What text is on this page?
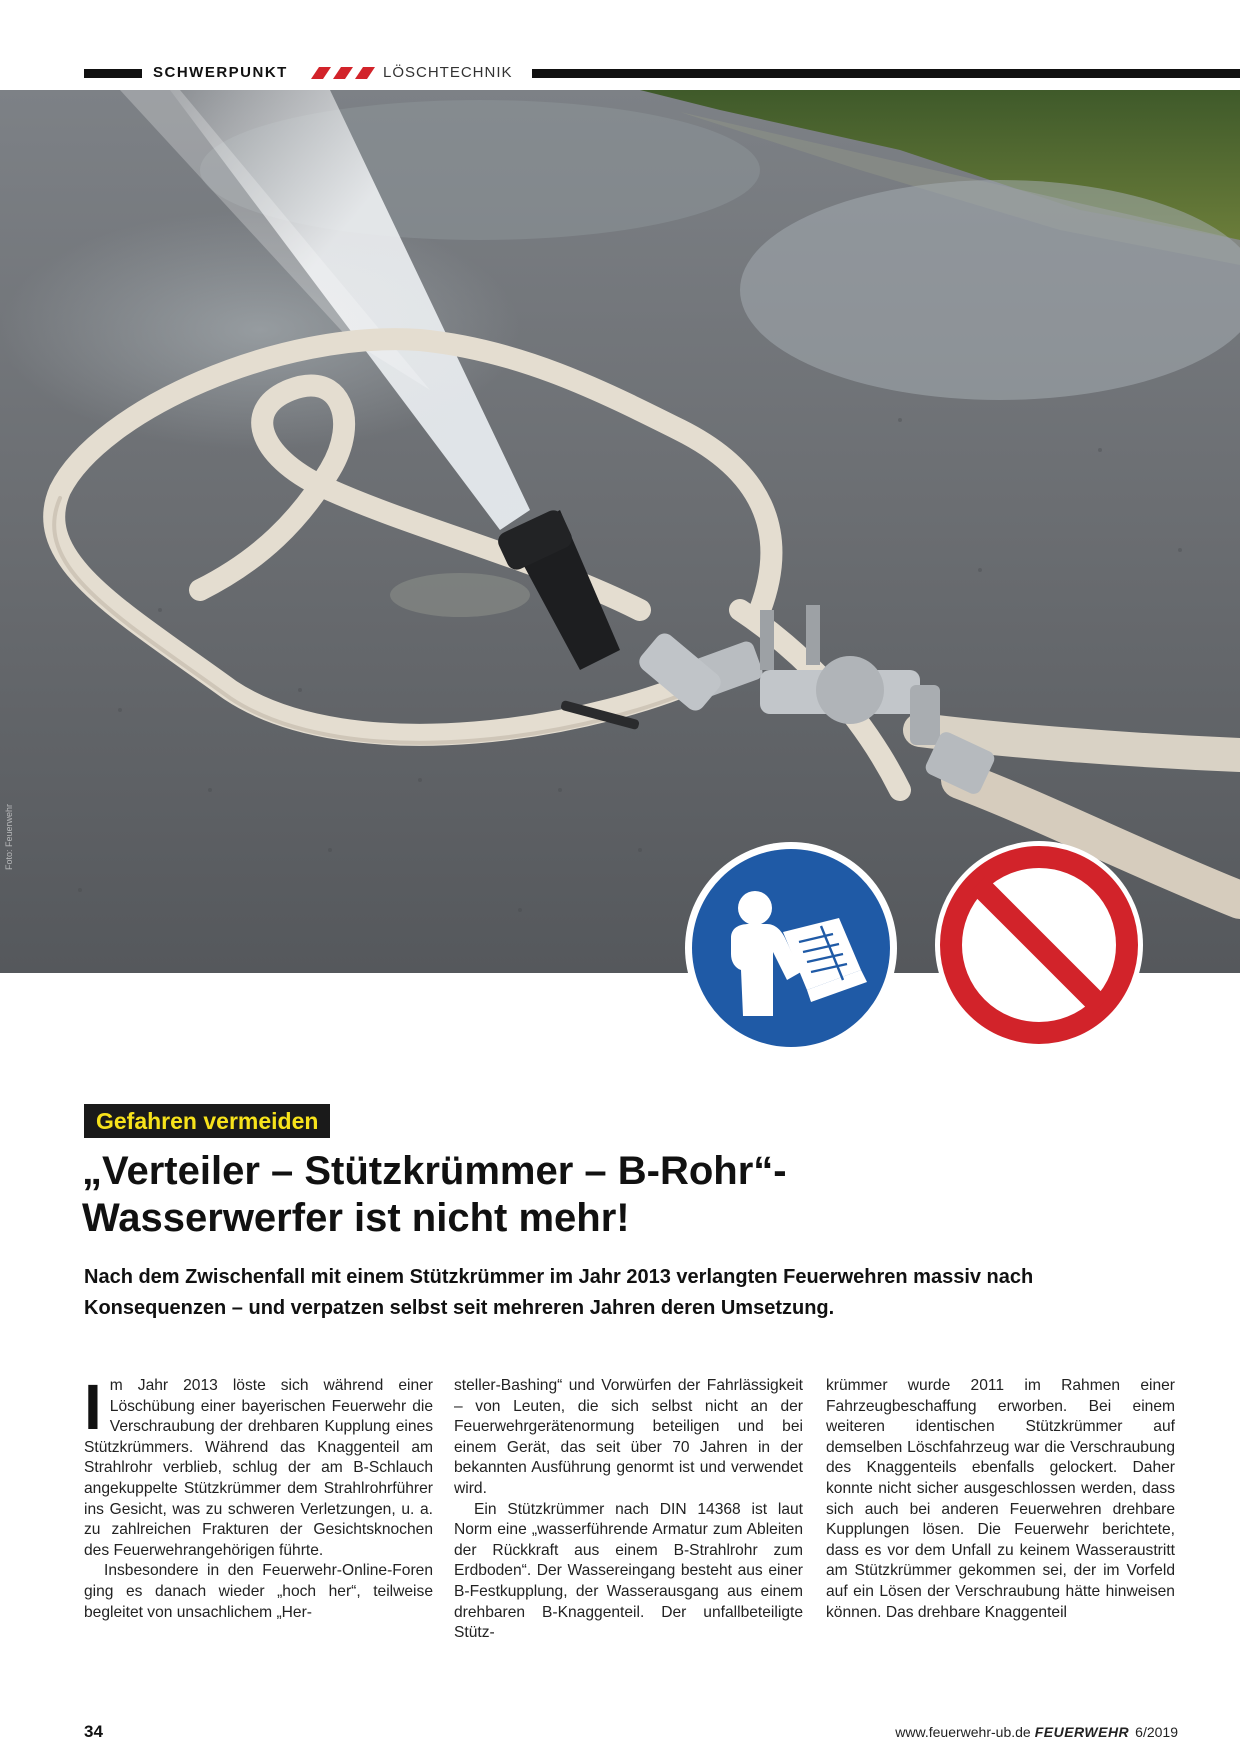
SCHWERPUNKT	LÖSCHTECHNIK
Foto: Feuerwehr
Gefahren vermeiden
„Verteiler – Stützkrümmer – B-Rohr“-
Wasserwerfer ist nicht mehr!

Nach dem Zwischenfall mit einem Stützkrümmer im Jahr 2013 verlangten Feuerwehren massiv nach Konsequenzen – und verpatzen selbst seit mehreren Jahren deren Umsetzung.

Im Jahr 2013 löste sich während einer Löschübung einer bayerischen Feuerwehr die Verschraubung der drehbaren Kupplung eines Stützkrümmers. Während das Knaggenteil am Strahlrohr verblieb, schlug der am B-Schlauch angekuppelte Stützkrümmer dem Strahlrohrführer ins Gesicht, was zu schweren Verletzungen, u. a. zu zahlreichen Frakturen der Gesichtsknochen des Feuerwehrangehörigen führte.

Insbesondere in den Feuerwehr-Online-Foren ging es danach wieder „hoch her“, teilweise begleitet von unsachlichem „Her-

steller-Bashing“ und Vorwürfen der Fahrlässigkeit – von Leuten, die sich selbst nicht an der Feuerwehrgerätenormung beteiligen und bei einem Gerät, das seit über 70 Jahren in der bekannten Ausführung genormt ist und verwendet wird.

Ein Stützkrümmer nach DIN 14368 ist laut Norm eine „wasserführende Armatur zum Ableiten der Rückkraft aus einem B-Strahlrohr zum Erdboden“. Der Wassereingang besteht aus einer B-Festkupplung, der Wasserausgang aus einem drehbaren B-Knaggenteil. Der unfallbeteiligte Stütz-

krümmer wurde 2011 im Rahmen einer Fahrzeugbeschaffung erworben. Bei einem weiteren identischen Stützkrümmer auf demselben Löschfahrzeug war die Verschraubung des Knaggenteils ebenfalls gelockert. Daher konnte nicht sicher ausgeschlossen werden, dass sich auch bei anderen Feuerwehren drehbare Kupplungen lösen. Die Feuerwehr berichtete, dass es vor dem Unfall zu keinem Wasseraustritt am Stützkrümmer gekommen sei, der im Vorfeld auf ein Lösen der Verschraubung hätte hinweisen können. Das drehbare Knaggenteil

34	www.feuerwehr-ub.de FEUERWEHR 6/2019
